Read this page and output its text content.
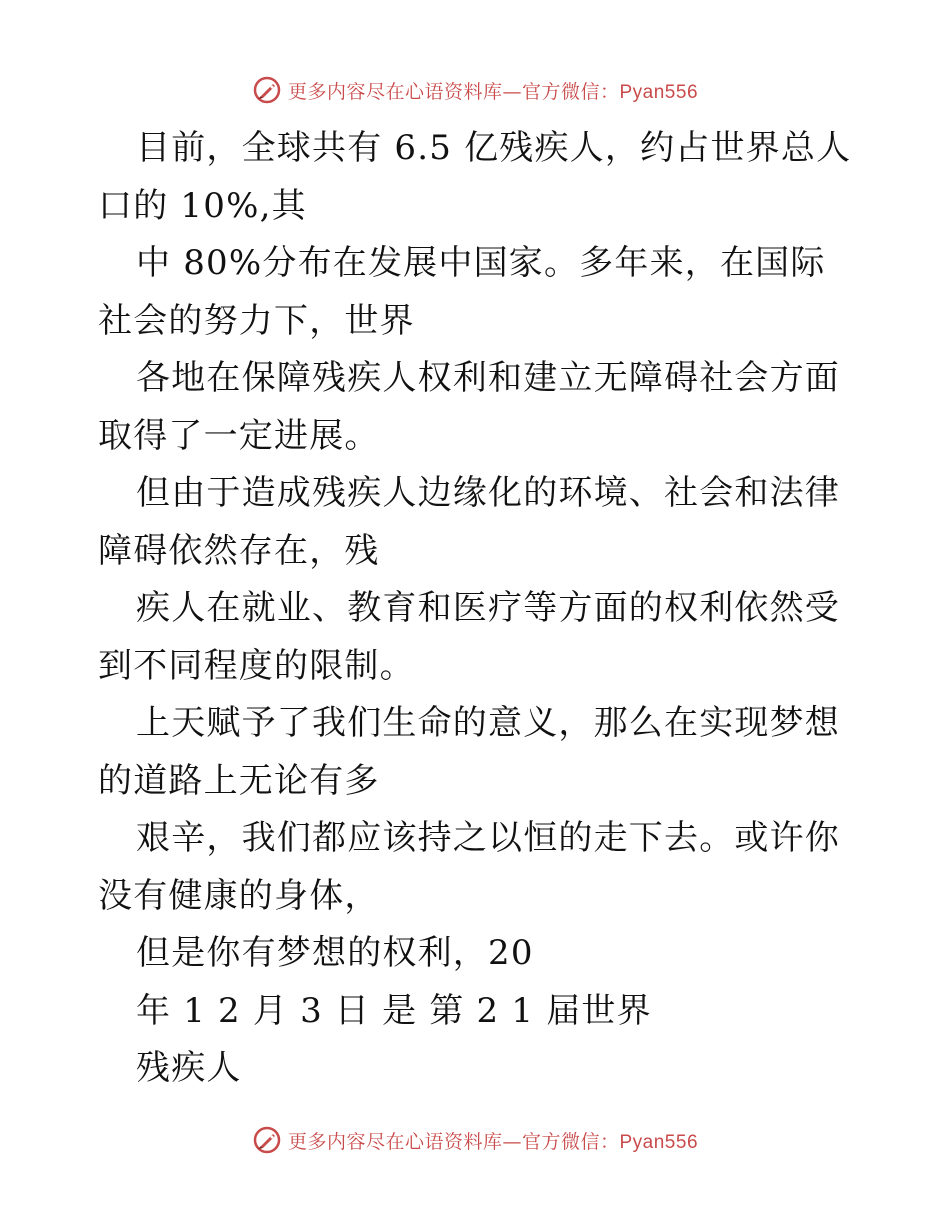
更多内容尽在心语资料库—官方微信：Pyan556

目前，全球共有 6.5 亿残疾人，约占世界总人口的 10%,其

中 80%分布在发展中国家。多年来，在国际社会的努力下，世界

各地在保障残疾人权利和建立无障碍社会方面取得了一定进展。

但由于造成残疾人边缘化的环境、社会和法律障碍依然存在，残

疾人在就业、教育和医疗等方面的权利依然受到不同程度的限制。

上天赋予了我们生命的意义，那么在实现梦想的道路上无论有多

艰辛，我们都应该持之以恒的走下去。或许你没有健康的身体，

但是你有梦想的权利，20

年 1 2 月 3 日 是 第 2 1 届世界

残疾人

更多内容尽在心语资料库—官方微信：Pyan556
